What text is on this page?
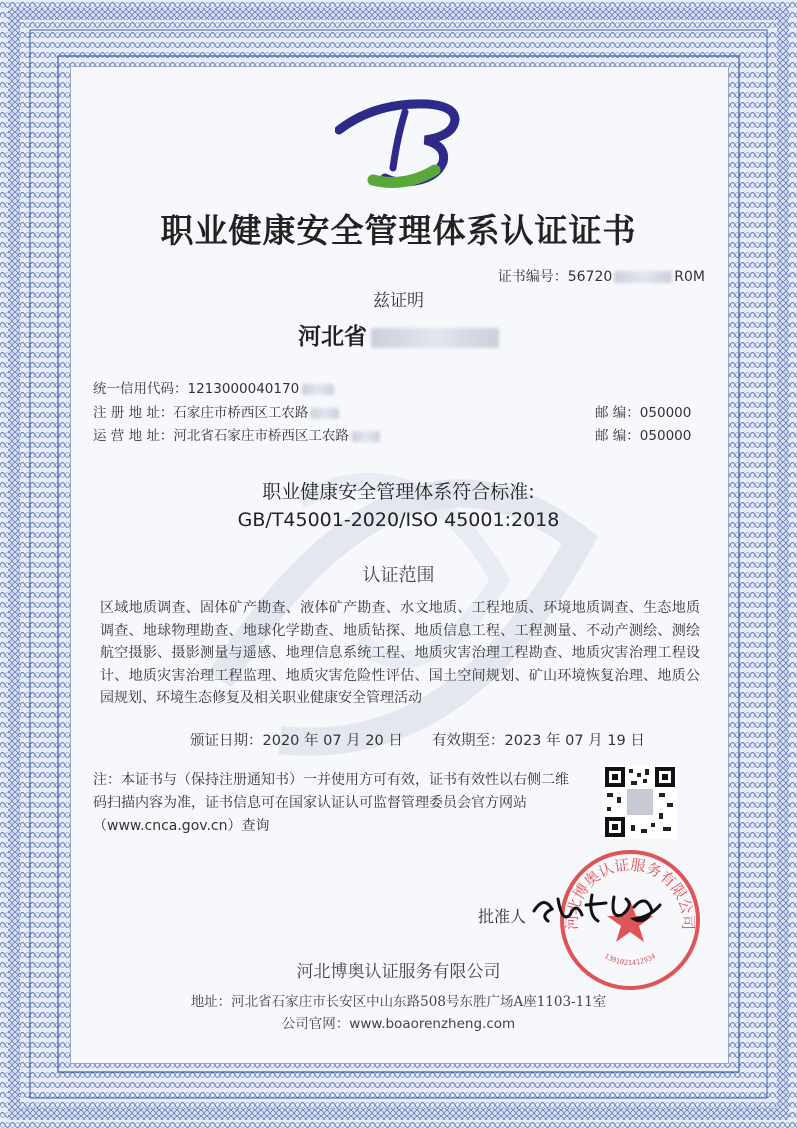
职业健康安全管理体系认证证书
证书编号：56720	R0M
兹证明
河北省
统一信用代码：1213000040170
注 册 地 址：石家庄市桥西区工农路
运 营 地 址：河北省石家庄市桥西区工农路
邮 编：050000
邮 编：050000
职业健康安全管理体系符合标准:
GB/T45001-2020/ISO 45001:2018
认证范围
区域地质调查、固体矿产勘查、液体矿产勘查、水文地质、工程地质、环境地质调查、生态地质调查、地球物理勘查、地球化学勘查、地质钻探、地质信息工程、工程测量、不动产测绘、测绘航空摄影、摄影测量与遥感、地理信息系统工程、地质灾害治理工程勘查、地质灾害治理工程设计、地质灾害治理工程监理、地质灾害危险性评估、国土空间规划、矿山环境恢复治理、地质公园规划、环境生态修复及相关职业健康安全管理活动
颁证日期：2020 年 07 月 20 日 有效期至：2023 年 07 月 19 日
注：本证书与（保持注册通知书）一并使用方可有效，证书有效性以右侧二维码扫描内容为准，证书信息可在国家认证认可监督管理委员会官方网站（www.cnca.gov.cn）查询
河北博奥认证服务有限公司
1301021412934
批准人
河北博奥认证服务有限公司
地址：河北省石家庄市长安区中山东路508号东胜广场A座1103-11室
公司官网：www.boaorenzheng.com
